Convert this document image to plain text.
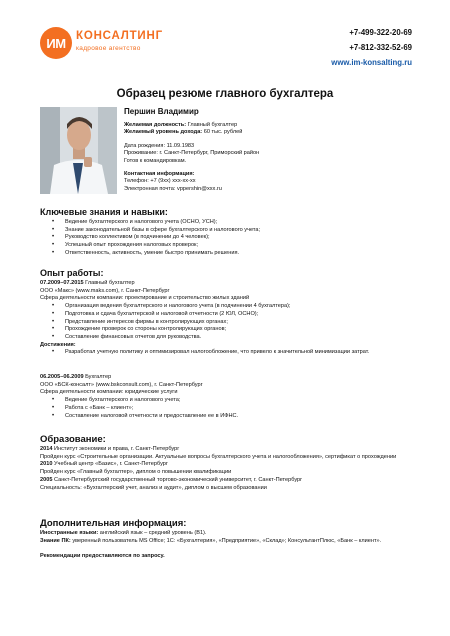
ИМ КОНСАЛТИНГ
кадровое агентство
+7-499-322-20-69
+7-812-332-52-69
www.im-konsalting.ru
Образец резюме главного бухгалтера
Першин Владимир
Желаемая должность: Главный бухгалтер
Желаемый уровень дохода: 60 тыс. рублей
Дата рождения: 11.09.1983
Проживание: г. Санкт-Петербург, Приморский район
Готов к командировкам.
Контактная информация:
Телефон: +7 (9xx) xxx-xx-xx
Электронная почта: vppershin@xxx.ru
Ключевые знания и навыки:
• Ведение бухгалтерского и налогового учета (ОСНО, УСН);
• Знание законодательной базы в сфере бухгалтерского и налогового учета;
• Руководство коллективом (в подчинении до 4 человек);
• Успешный опыт прохождения налоговых проверок;
• Ответственность, активность, умение быстро принимать решения.
Опыт работы:
07.2009–07.2015 Главный бухгалтер
ООО «Макс» (www.maks.com), г. Санкт-Петербург
Сфера деятельности компании: проектирование и строительство жилых зданий
• Организация ведения бухгалтерского и налогового учета (в подчинении 4 бухгалтера);
• Подготовка и сдача бухгалтерской и налоговой отчетности (2 ЮЛ, ОСНО);
• Представление интересов фирмы в контролирующих органах;
• Прохождение проверок со стороны контролирующих органов;
• Составление финансовых отчетов для руководства.
Достижения:
• Разработал учетную политику и оптимизировал налогообложение, что привело к значительной минимизации затрат.
06.2005–06.2009 Бухгалтер
ООО «БСК-консалт» (www.bskconsult.com), г. Санкт-Петербург
Сфера деятельности компании: юридические услуги
• Ведение бухгалтерского и налогового учета;
• Работа с «Банк – клиент»;
• Составление налоговой отчетности и предоставление ее в ИФНС.
Образование:
2014 Институт экономики и права, г. Санкт-Петербург
Пройден курс «Строительные организации. Актуальные вопросы бухгалтерского учета и налогообложения», сертификат о прохождении
2010 Учебный центр «Базис», г. Санкт-Петербург
Пройден курс «Главный бухгалтер», диплом о повышении квалификации
2005 Санкт-Петербургский государственный торгово-экономический университет, г. Санкт-Петербург
Специальность: «Бухгалтерский учет, анализ и аудит», диплом о высшем образовании
Дополнительная информация:
Иностранные языки: английский язык – средний уровень (B1).
Знание ПК: уверенный пользователь MS Office; 1С: «Бухгалтерия», «Предприятие», «Склад»; КонсультантПлюс, «Банк – клиент».
Рекомендации предоставляются по запросу.
